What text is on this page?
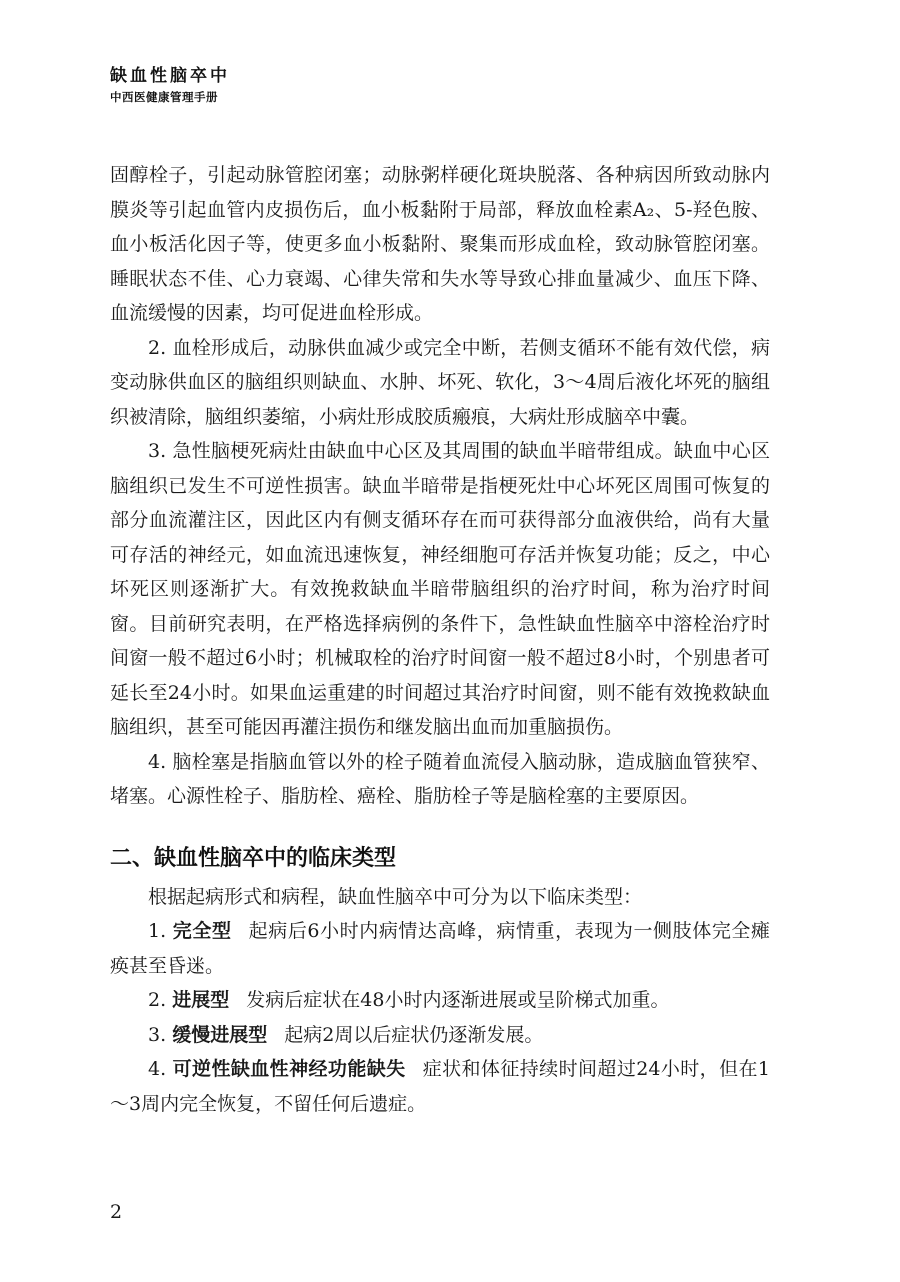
缺血性脑卒中
中西医健康管理手册

固醇栓子，引起动脉管腔闭塞；动脉粥样硬化斑块脱落、各种病因所致动脉内膜炎等引起血管内皮损伤后，血小板黏附于局部，释放血栓素A₂、5-羟色胺、血小板活化因子等，使更多血小板黏附、聚集而形成血栓，致动脉管腔闭塞。睡眠状态不佳、心力衰竭、心律失常和失水等导致心排血量减少、血压下降、血流缓慢的因素，均可促进血栓形成。

2. 血栓形成后，动脉供血减少或完全中断，若侧支循环不能有效代偿，病变动脉供血区的脑组织则缺血、水肿、坏死、软化，3～4周后液化坏死的脑组织被清除，脑组织萎缩，小病灶形成胶质瘢痕，大病灶形成脑卒中囊。

3. 急性脑梗死病灶由缺血中心区及其周围的缺血半暗带组成。缺血中心区脑组织已发生不可逆性损害。缺血半暗带是指梗死灶中心坏死区周围可恢复的部分血流灌注区，因此区内有侧支循环存在而可获得部分血液供给，尚有大量可存活的神经元，如血流迅速恢复，神经细胞可存活并恢复功能；反之，中心坏死区则逐渐扩大。有效挽救缺血半暗带脑组织的治疗时间，称为治疗时间窗。目前研究表明，在严格选择病例的条件下，急性缺血性脑卒中溶栓治疗时间窗一般不超过6小时；机械取栓的治疗时间窗一般不超过8小时，个别患者可延长至24小时。如果血运重建的时间超过其治疗时间窗，则不能有效挽救缺血脑组织，甚至可能因再灌注损伤和继发脑出血而加重脑损伤。

4. 脑栓塞是指脑血管以外的栓子随着血流侵入脑动脉，造成脑血管狭窄、堵塞。心源性栓子、脂肪栓、癌栓、脂肪栓子等是脑栓塞的主要原因。

二、缺血性脑卒中的临床类型

根据起病形式和病程，缺血性脑卒中可分为以下临床类型：

1. 完全型 起病后6小时内病情达高峰，病情重，表现为一侧肢体完全瘫痪甚至昏迷。

2. 进展型 发病后症状在48小时内逐渐进展或呈阶梯式加重。

3. 缓慢进展型 起病2周以后症状仍逐渐发展。

4. 可逆性缺血性神经功能缺失 症状和体征持续时间超过24小时，但在1～3周内完全恢复，不留任何后遗症。

2
